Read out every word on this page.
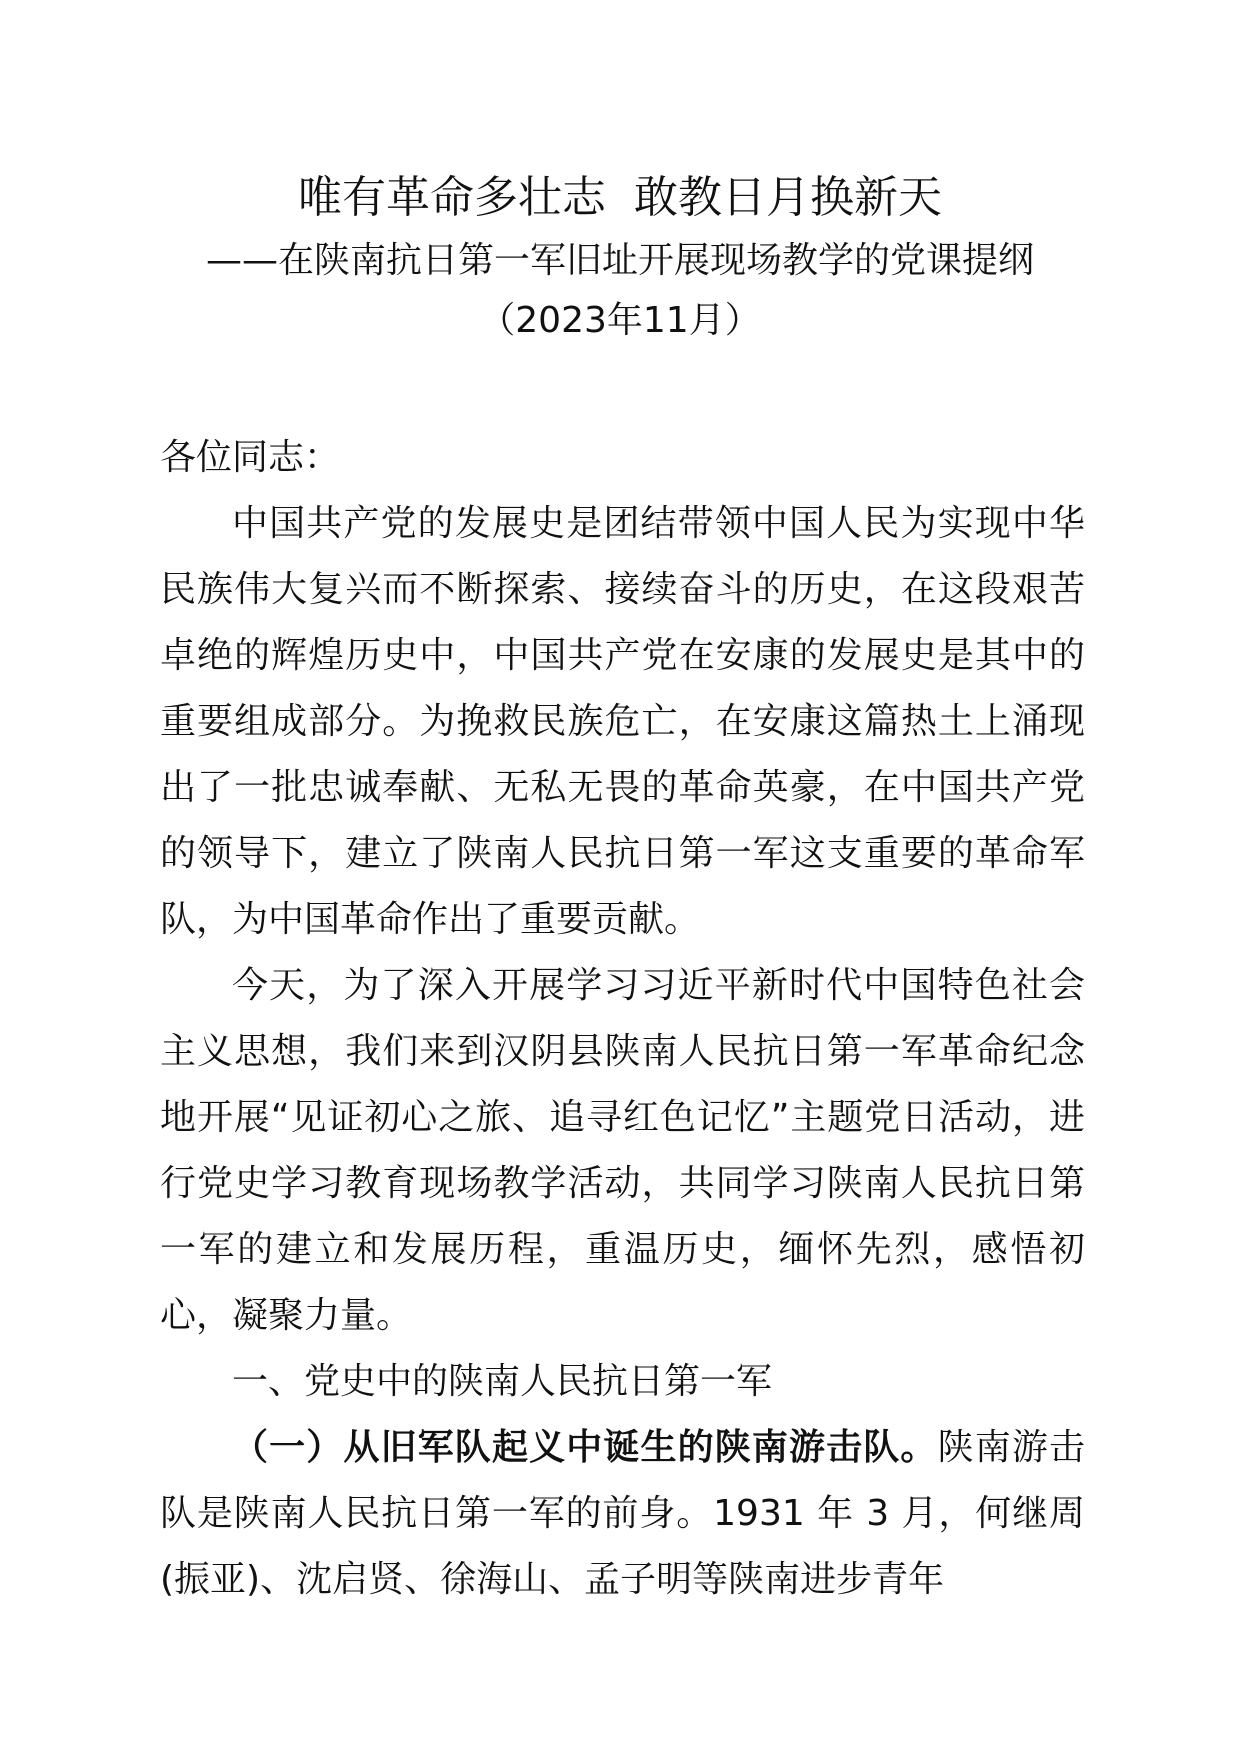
唯有革命多壮志  敢教日月换新天

——在陕南抗日第一军旧址开展现场教学的党课提纲

（2023年11月）

各位同志：

中国共产党的发展史是团结带领中国人民为实现中华民族伟大复兴而不断探索、接续奋斗的历史，在这段艰苦卓绝的辉煌历史中，中国共产党在安康的发展史是其中的重要组成部分。为挽救民族危亡，在安康这篇热土上涌现出了一批忠诚奉献、无私无畏的革命英豪，在中国共产党的领导下，建立了陕南人民抗日第一军这支重要的革命军队，为中国革命作出了重要贡献。

今天，为了深入开展学习习近平新时代中国特色社会主义思想，我们来到汉阴县陕南人民抗日第一军革命纪念地开展“见证初心之旅、追寻红色记忆”主题党日活动，进行党史学习教育现场教学活动，共同学习陕南人民抗日第一军的建立和发展历程，重温历史，缅怀先烈，感悟初心，凝聚力量。

一、党史中的陕南人民抗日第一军

（一）从旧军队起义中诞生的陕南游击队。陕南游击队是陕南人民抗日第一军的前身。1931 年 3 月，何继周(振亚)、沈启贤、徐海山、孟子明等陕南进步青年
